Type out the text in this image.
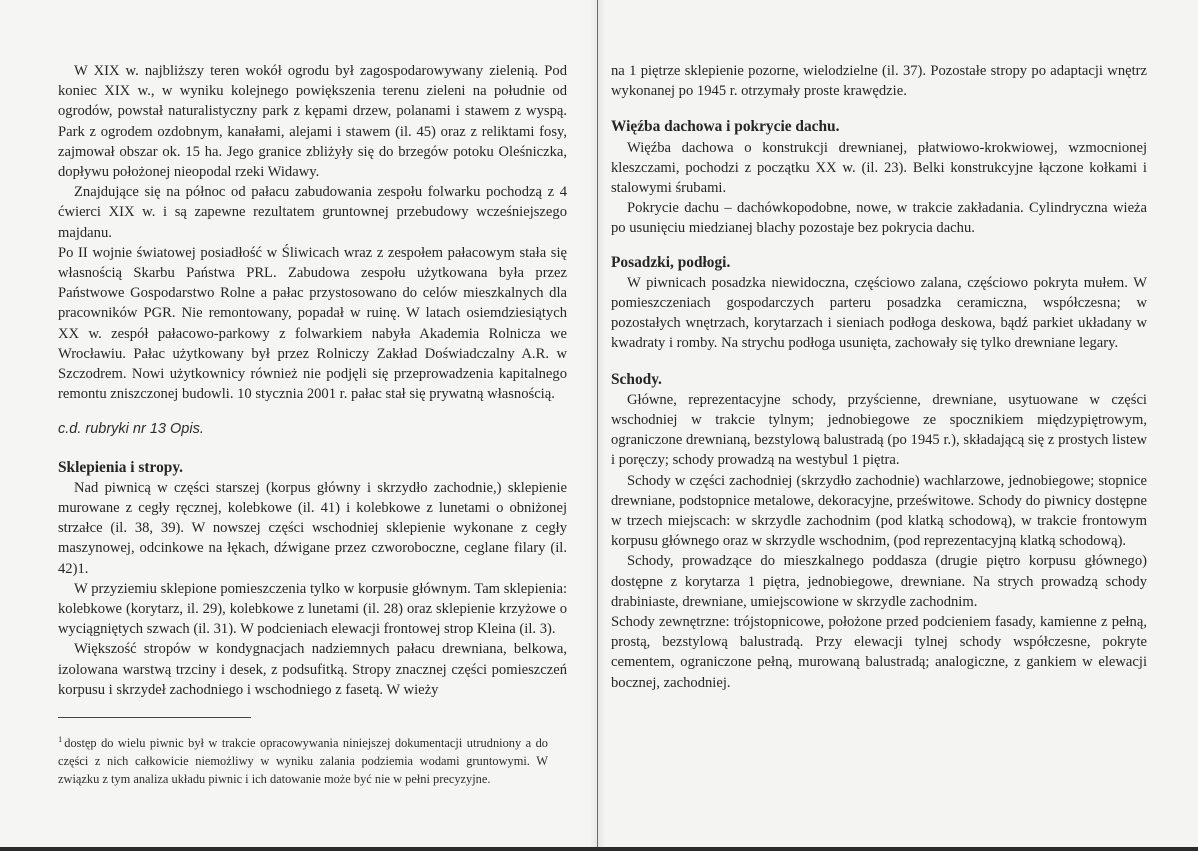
W XIX w. najbliższy teren wokół ogrodu był zagospodarowywany zielenią. Pod koniec XIX w., w wyniku kolejnego powiększenia terenu zieleni na południe od ogrodów, powstał naturalistyczny park z kępami drzew, polanami i stawem z wyspą. Park z ogrodem ozdobnym, kanałami, alejami i stawem (il. 45) oraz z reliktami fosy, zajmował obszar ok. 15 ha. Jego granice zbliżyły się do brzegów potoku Oleśniczka, dopływu położonej nieopodal rzeki Widawy.

Znajdujące się na północ od pałacu zabudowania zespołu folwarku pochodzą z 4 ćwierci XIX w. i są zapewne rezultatem gruntownej przebudowy wcześniejszego majdanu.

Po II wojnie światowej posiadłość w Śliwicach wraz z zespołem pałacowym stała się własnością Skarbu Państwa PRL. Zabudowa zespołu użytkowana była przez Państwowe Gospodarstwo Rolne a pałac przystosowano do celów mieszkalnych dla pracowników PGR. Nie remontowany, popadał w ruinę. W latach osiemdziesiątych XX w. zespół pałacowo-parkowy z folwarkiem nabyła Akademia Rolnicza we Wrocławiu. Pałac użytkowany był przez Rolniczy Zakład Doświadczalny A.R. w Szczodrem. Nowi użytkownicy również nie podjęli się przeprowadzenia kapitalnego remontu zniszczonej budowli. 10 stycznia 2001 r. pałac stał się prywatną własnością.

c.d. rubryki nr 13 Opis.

Sklepienia i stropy.

Nad piwnicą w części starszej (korpus główny i skrzydło zachodnie,) sklepienie murowane z cegły ręcznej, kolebkowe (il. 41) i kolebkowe z lunetami o obniżonej strzałce (il. 38, 39). W nowszej części wschodniej sklepienie wykonane z cegły maszynowej, odcinkowe na łękach, dźwigane przez czworoboczne, ceglane filary (il. 42)1.

W przyziemiu sklepione pomieszczenia tylko w korpusie głównym. Tam sklepienia: kolebkowe (korytarz, il. 29), kolebkowe z lunetami (il. 28) oraz sklepienie krzyżowe o wyciągniętych szwach (il. 31). W podcieniach elewacji frontowej strop Kleina (il. 3).

Większość stropów w kondygnacjach nadziemnych pałacu drewniana, belkowa, izolowana warstwą trzciny i desek, z podsufitką. Stropy znacznej części pomieszczeń korpusu i skrzydeł zachodniego i wschodniego z fasetą. W wieży

$^1$ dostęp do wielu piwnic był w trakcie opracowywania niniejszej dokumentacji utrudniony a do części z nich całkowicie niemożliwy w wyniku zalania podziemia wodami gruntowymi. W związku z tym analiza układu piwnic i ich datowanie może być nie w pełni precyzyjne.

na 1 piętrze sklepienie pozorne, wielodzielne (il. 37). Pozostałe stropy po adaptacji wnętrz wykonanej po 1945 r. otrzymały proste krawędzie.

Więźba dachowa i pokrycie dachu.

Więźba dachowa o konstrukcji drewnianej, płatwiowo-krokwiowej, wzmocnionej kleszczami, pochodzi z początku XX w. (il. 23). Belki konstrukcyjne łączone kołkami i stalowymi śrubami.

Pokrycie dachu – dachówkopodobne, nowe, w trakcie zakładania. Cylindryczna wieża po usunięciu miedzianej blachy pozostaje bez pokrycia dachu.

Posadzki, podłogi.

W piwnicach posadzka niewidoczna, częściowo zalana, częściowo pokryta mułem. W pomieszczeniach gospodarczych parteru posadzka ceramiczna, współczesna; w pozostałych wnętrzach, korytarzach i sieniach podłoga deskowa, bądź parkiet układany w kwadraty i romby. Na strychu podłoga usunięta, zachowały się tylko drewniane legary.

Schody.

Główne, reprezentacyjne schody, przyścienne, drewniane, usytuowane w części wschodniej w trakcie tylnym; jednobiegowe ze spocznikiem międzypiętrowym, ograniczone drewnianą, bezstylową balustradą (po 1945 r.), składającą się z prostych listew i poręczy; schody prowadzą na westybul 1 piętra.

Schody w części zachodniej (skrzydło zachodnie) wachlarzowe, jednobiegowe; stopnice drewniane, podstopnice metalowe, dekoracyjne, prześwitowe. Schody do piwnicy dostępne w trzech miejscach: w skrzydle zachodnim (pod klatką schodową), w trakcie frontowym korpusu głównego oraz w skrzydle wschodnim, (pod reprezentacyjną klatką schodową).

Schody, prowadzące do mieszkalnego poddasza (drugie piętro korpusu głównego) dostępne z korytarza 1 piętra, jednobiegowe, drewniane. Na strych prowadzą schody drabiniaste, drewniane, umiejscowione w skrzydle zachodnim.

Schody zewnętrzne: trójstopnicowe, położone przed podcieniem fasady, kamienne z pełną, prostą, bezstylową balustradą. Przy elewacji tylnej schody współczesne, pokryte cementem, ograniczone pełną, murowaną balustradą; analogiczne, z gankiem w elewacji bocznej, zachodniej.
